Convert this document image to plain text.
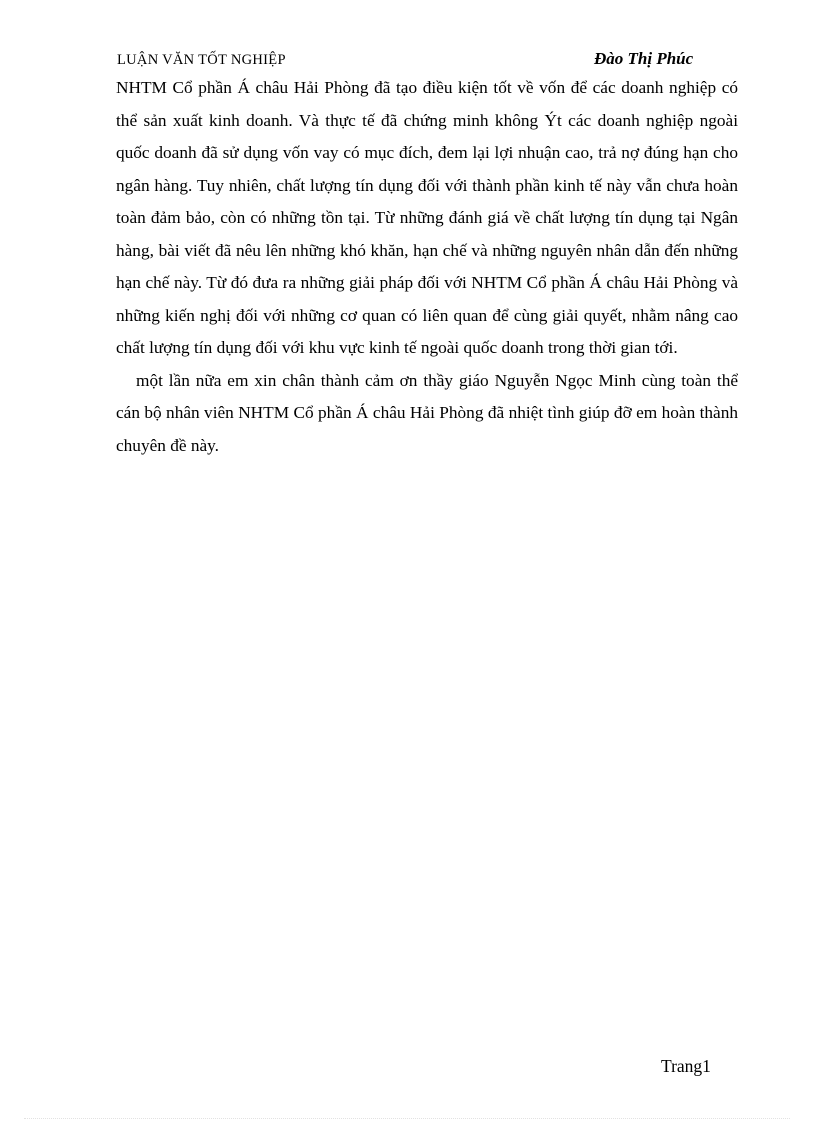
LUẬN VĂN TỐT NGHIỆP	Đào Thị Phúc

NHTM Cổ phần Á châu Hải Phòng đã tạo điều kiện tốt về vốn để các doanh nghiệp có thể sản xuất kinh doanh. Và thực tế đã chứng minh không Ýt các doanh nghiệp ngoài quốc doanh đã sử dụng vốn vay có mục đích, đem lại lợi nhuận cao, trả nợ đúng hạn cho ngân hàng. Tuy nhiên, chất lượng tín dụng đối với thành phần kinh tế này vẫn chưa hoàn toàn đảm bảo, còn có những tồn tại. Từ những đánh giá về chất lượng tín dụng tại Ngân hàng, bài viết đã nêu lên những khó khăn, hạn chế và những nguyên nhân dẫn đến những hạn chế này. Từ đó đưa ra những giải pháp đối với NHTM Cổ phần Á châu Hải Phòng và những kiến nghị đối với những cơ quan có liên quan để cùng giải quyết, nhằm nâng cao chất lượng tín dụng đối với khu vực kinh tế ngoài quốc doanh trong thời gian tới.

một lần nữa em xin chân thành cảm ơn thầy giáo Nguyễn Ngọc Minh cùng toàn thể cán bộ nhân viên NHTM Cổ phần Á châu Hải Phòng đã nhiệt tình giúp đỡ em hoàn thành chuyên đề này.

Trang1
